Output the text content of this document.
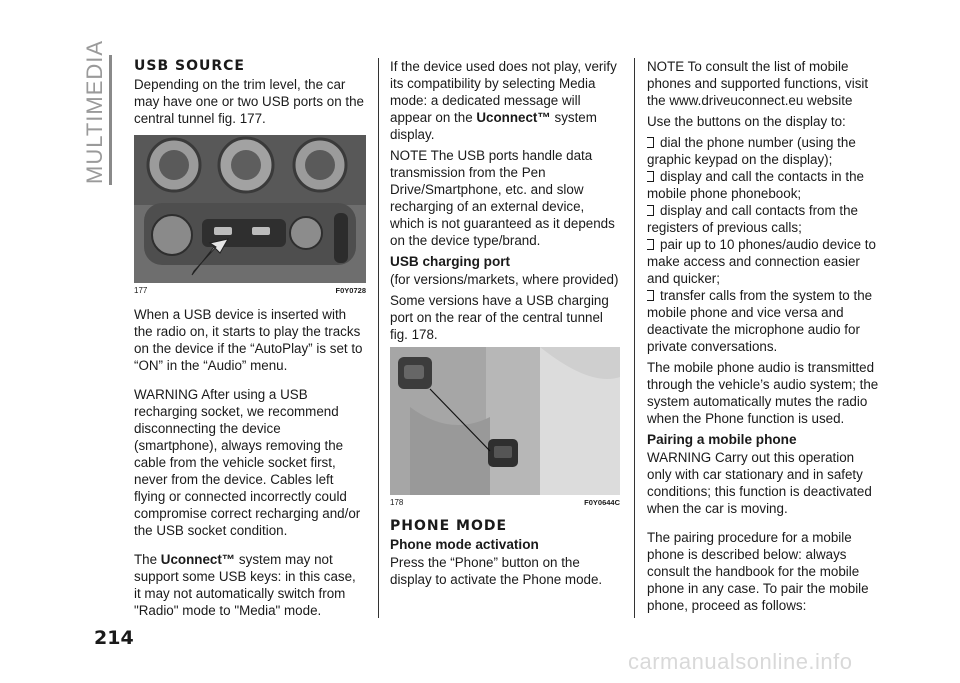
MULTIMEDIA
214
USB SOURCE

Depending on the trim level, the car may have one or two USB ports on the central tunnel fig. 177.

177	F0Y0728

When a USB device is inserted with the radio on, it starts to play the tracks on the device if the “AutoPlay” is set to “ON” in the “Audio” menu.

WARNING After using a USB recharging socket, we recommend disconnecting the device (smartphone), always removing the cable from the vehicle socket first, never from the device. Cables left flying or connected incorrectly could compromise correct recharging and/or the USB socket condition.

The Uconnect™ system may not support some USB keys: in this case, it may not automatically switch from "Radio" mode to "Media" mode.

If the device used does not play, verify its compatibility by selecting Media mode: a dedicated message will appear on the Uconnect™ system display.

NOTE The USB ports handle data transmission from the Pen Drive/Smartphone, etc. and slow recharging of an external device, which is not guaranteed as it depends on the device type/brand.

USB charging port

(for versions/markets, where provided)

Some versions have a USB charging port on the rear of the central tunnel fig. 178.

178	F0Y0644C
PHONE MODE
Phone mode activation

Press the “Phone” button on the display to activate the Phone mode.

NOTE To consult the list of mobile phones and supported functions, visit the www.driveuconnect.eu website

Use the buttons on the display to:

dial the phone number (using the graphic keypad on the display);
display and call the contacts in the mobile phone phonebook;
display and call contacts from the registers of previous calls;
pair up to 10 phones/audio device to make access and connection easier and quicker;
transfer calls from the system to the mobile phone and vice versa and deactivate the microphone audio for private conversations.

The mobile phone audio is transmitted through the vehicle’s audio system; the system automatically mutes the radio when the Phone function is used.

Pairing a mobile phone

WARNING Carry out this operation only with car stationary and in safety conditions; this function is deactivated when the car is moving.

The pairing procedure for a mobile phone is described below: always consult the handbook for the mobile phone in any case. To pair the mobile phone, proceed as follows:

carmanualsonline.info
